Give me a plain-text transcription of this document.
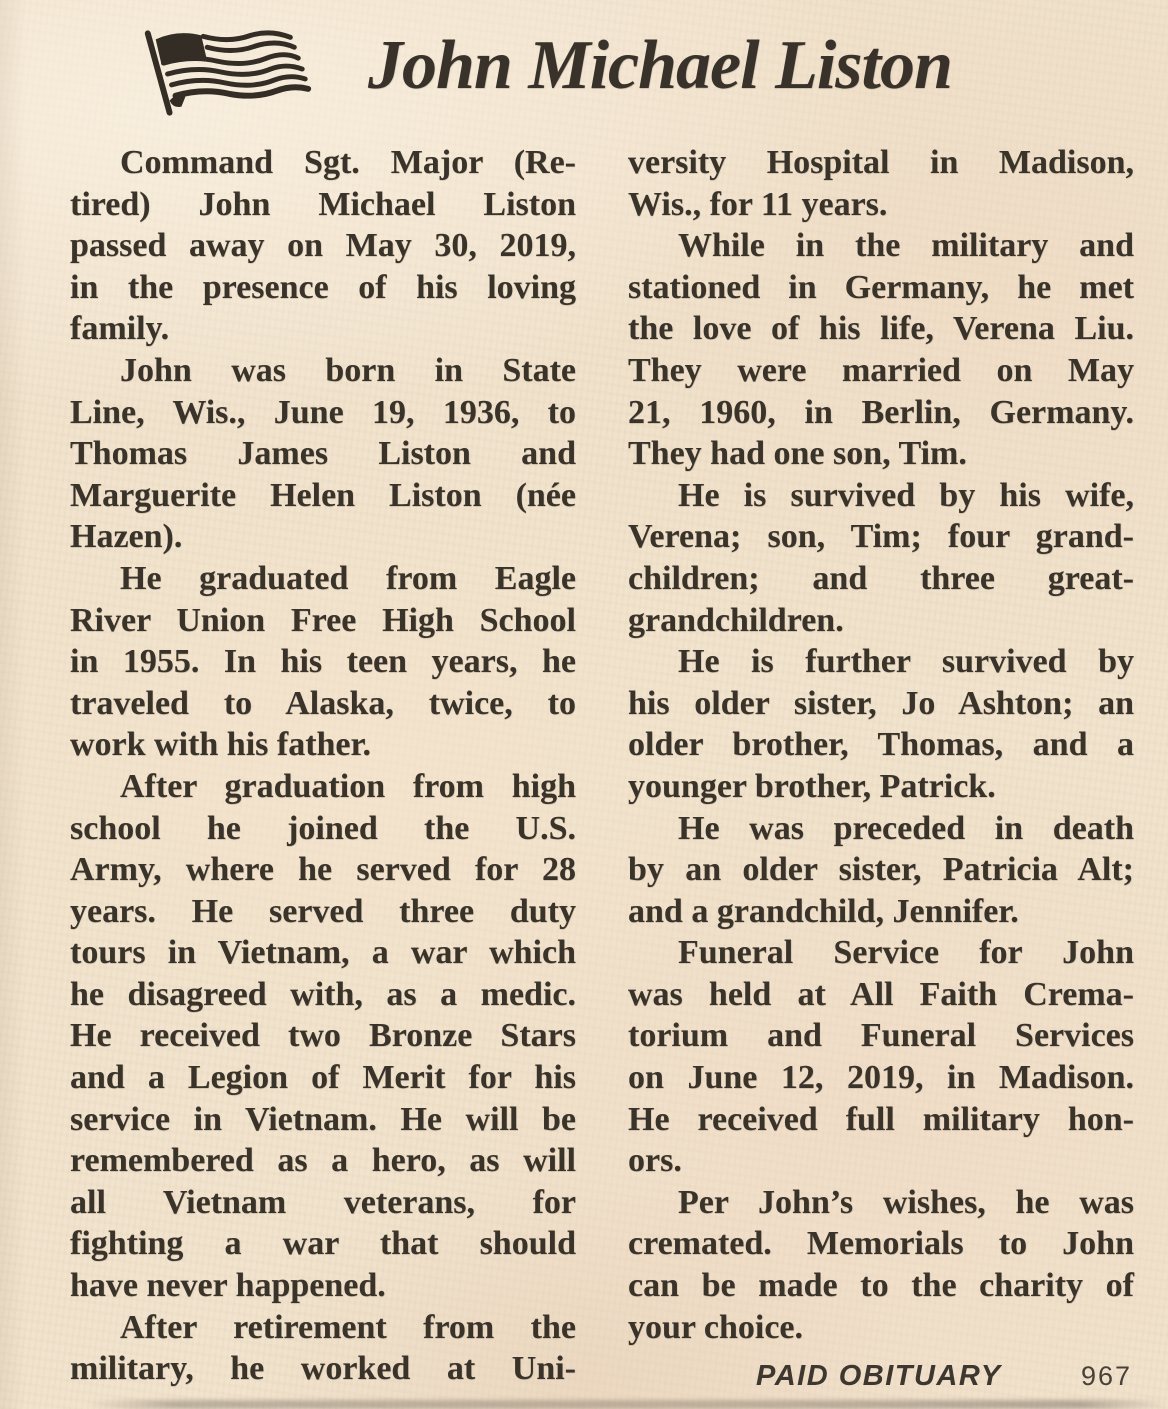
John Michael Liston
Command Sgt. Major (Re-
tired) John Michael Liston
passed away on May 30, 2019,
in the presence of his loving
family.
John was born in State
Line, Wis., June 19, 1936, to
Thomas James Liston and
Marguerite Helen Liston (née
Hazen).
He graduated from Eagle
River Union Free High School
in 1955. In his teen years, he
traveled to Alaska, twice, to
work with his father.
After graduation from high
school he joined the U.S.
Army, where he served for 28
years. He served three duty
tours in Vietnam, a war which
he disagreed with, as a medic.
He received two Bronze Stars
and a Legion of Merit for his
service in Vietnam. He will be
remembered as a hero, as will
all Vietnam veterans, for
fighting a war that should
have never happened.
After retirement from the
military, he worked at Uni-
versity Hospital in Madison,
Wis., for 11 years.
While in the military and
stationed in Germany, he met
the love of his life, Verena Liu.
They were married on May
21, 1960, in Berlin, Germany.
They had one son, Tim.
He is survived by his wife,
Verena; son, Tim; four grand-
children; and three great-
grandchildren.
He is further survived by
his older sister, Jo Ashton; an
older brother, Thomas, and a
younger brother, Patrick.
He was preceded in death
by an older sister, Patricia Alt;
and a grandchild, Jennifer.
Funeral Service for John
was held at All Faith Crema-
torium and Funeral Services
on June 12, 2019, in Madison.
He received full military hon-
ors.
Per John’s wishes, he was
cremated. Memorials to John
can be made to the charity of
your choice.
PAID OBITUARY	967
